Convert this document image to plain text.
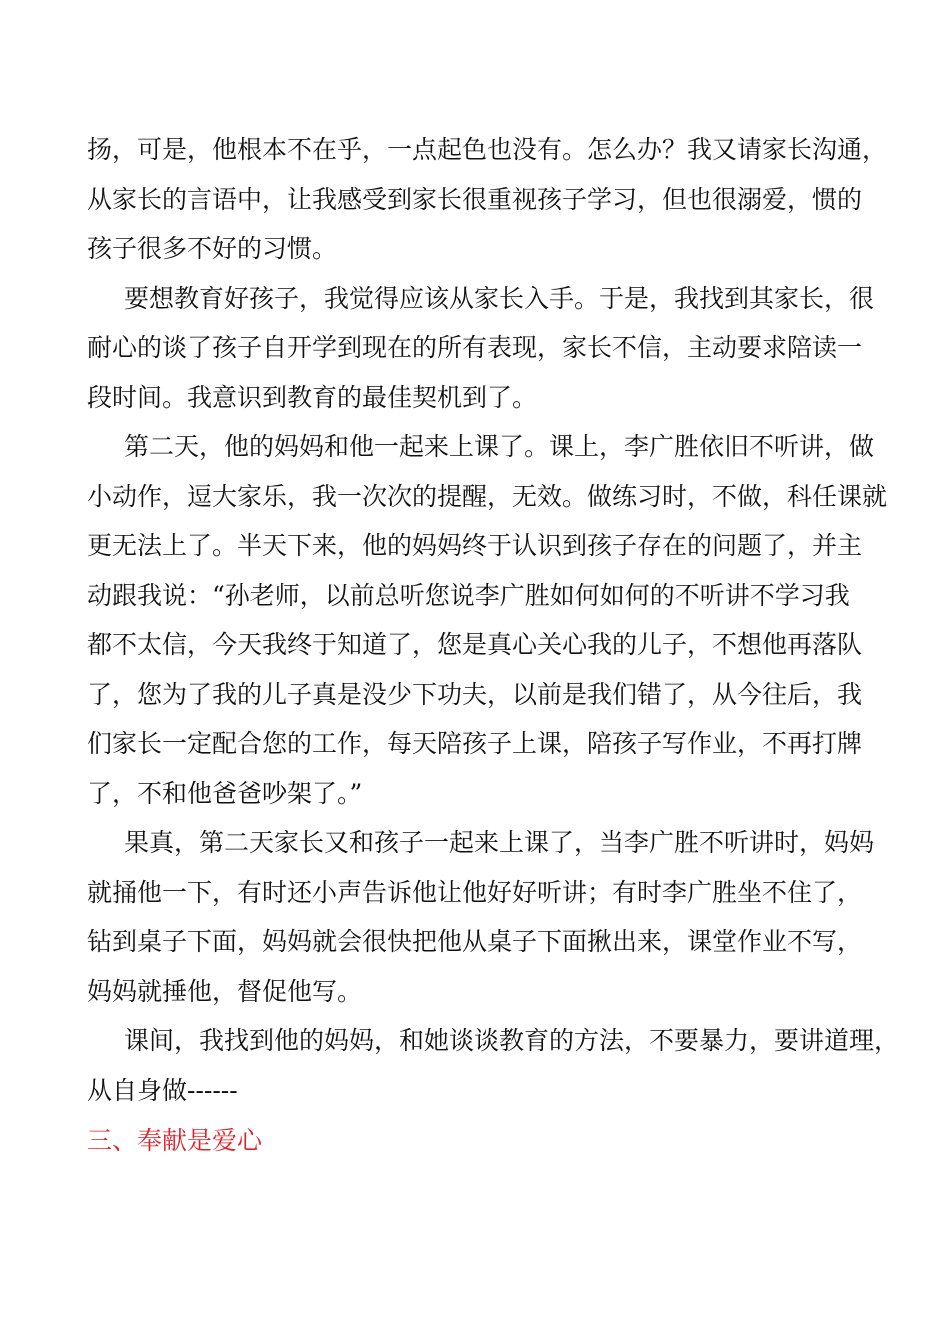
扬，可是，他根本不在乎，一点起色也没有。怎么办？我又请家长沟通，
从家长的言语中，让我感受到家长很重视孩子学习，但也很溺爱，惯的
孩子很多不好的习惯。
要想教育好孩子，我觉得应该从家长入手。于是，我找到其家长，很
耐心的谈了孩子自开学到现在的所有表现，家长不信，主动要求陪读一
段时间。我意识到教育的最佳契机到了。
第二天，他的妈妈和他一起来上课了。课上，李广胜依旧不听讲，做
小动作，逗大家乐，我一次次的提醒，无效。做练习时，不做，科任课就
更无法上了。半天下来，他的妈妈终于认识到孩子存在的问题了，并主
动跟我说：“孙老师，以前总听您说李广胜如何如何的不听讲不学习我
都不太信，今天我终于知道了，您是真心关心我的儿子，不想他再落队
了，您为了我的儿子真是没少下功夫，以前是我们错了，从今往后，我
们家长一定配合您的工作，每天陪孩子上课，陪孩子写作业，不再打牌
了，不和他爸爸吵架了。”
果真，第二天家长又和孩子一起来上课了，当李广胜不听讲时，妈妈
就捅他一下，有时还小声告诉他让他好好听讲；有时李广胜坐不住了，
钻到桌子下面，妈妈就会很快把他从桌子下面揪出来，课堂作业不写，
妈妈就捶他，督促他写。
课间，我找到他的妈妈，和她谈谈教育的方法，不要暴力，要讲道理，
从自身做------
三、奉献是爱心
